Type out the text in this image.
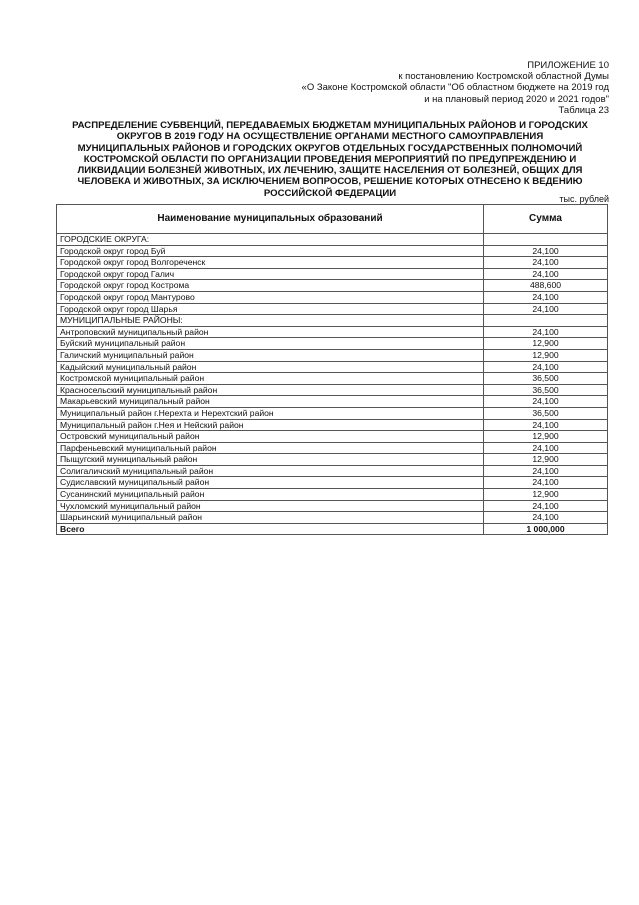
ПРИЛОЖЕНИЕ 10
к постановлению Костромской областной Думы
«О Законе Костромской области "Об областном бюджете на 2019 год
и на плановый период 2020 и 2021 годов"
Таблица 23
РАСПРЕДЕЛЕНИЕ СУБВЕНЦИЙ, ПЕРЕДАВАЕМЫХ БЮДЖЕТАМ МУНИЦИПАЛЬНЫХ РАЙОНОВ И ГОРОДСКИХ ОКРУГОВ В 2019 ГОДУ НА ОСУЩЕСТВЛЕНИЕ ОРГАНАМИ МЕСТНОГО САМОУПРАВЛЕНИЯ МУНИЦИПАЛЬНЫХ РАЙОНОВ И ГОРОДСКИХ ОКРУГОВ ОТДЕЛЬНЫХ ГОСУДАРСТВЕННЫХ ПОЛНОМОЧИЙ КОСТРОМСКОЙ ОБЛАСТИ ПО ОРГАНИЗАЦИИ ПРОВЕДЕНИЯ МЕРОПРИЯТИЙ ПО ПРЕДУПРЕЖДЕНИЮ И ЛИКВИДАЦИИ БОЛЕЗНЕЙ ЖИВОТНЫХ, ИХ ЛЕЧЕНИЮ, ЗАЩИТЕ НАСЕЛЕНИЯ ОТ БОЛЕЗНЕЙ, ОБЩИХ ДЛЯ ЧЕЛОВЕКА И ЖИВОТНЫХ, ЗА ИСКЛЮЧЕНИЕМ ВОПРОСОВ, РЕШЕНИЕ КОТОРЫХ ОТНЕСЕНО К ВЕДЕНИЮ РОССИЙСКОЙ ФЕДЕРАЦИИ
тыс. рублей
Наименование муниципальных образований	Сумма
ГОРОДСКИЕ ОКРУГА:	
Городской округ город Буй	24,100
Городской округ город Волгореченск	24,100
Городской округ город Галич	24,100
Городской округ город Кострома	488,600
Городской округ город Мантурово	24,100
Городской округ город Шарья	24,100
МУНИЦИПАЛЬНЫЕ РАЙОНЫ:	
Антроповский муниципальный район	24,100
Буйский муниципальный район	12,900
Галичский муниципальный район	12,900
Кадыйский муниципальный район	24,100
Костромской муниципальный район	36,500
Красносельский муниципальный район	36,500
Макарьевский муниципальный район	24,100
Муниципальный район г.Нерехта и Нерехтский район	36,500
Муниципальный район г.Нея и Нейский район	24,100
Островский муниципальный район	12,900
Парфеньевский муниципальный район	24,100
Пыщугский муниципальный район	12,900
Солигаличский муниципальный район	24,100
Судиславский муниципальный район	24,100
Сусанинский муниципальный район	12,900
Чухломский муниципальный район	24,100
Шарьинский муниципальный район	24,100
Всего	1 000,000
